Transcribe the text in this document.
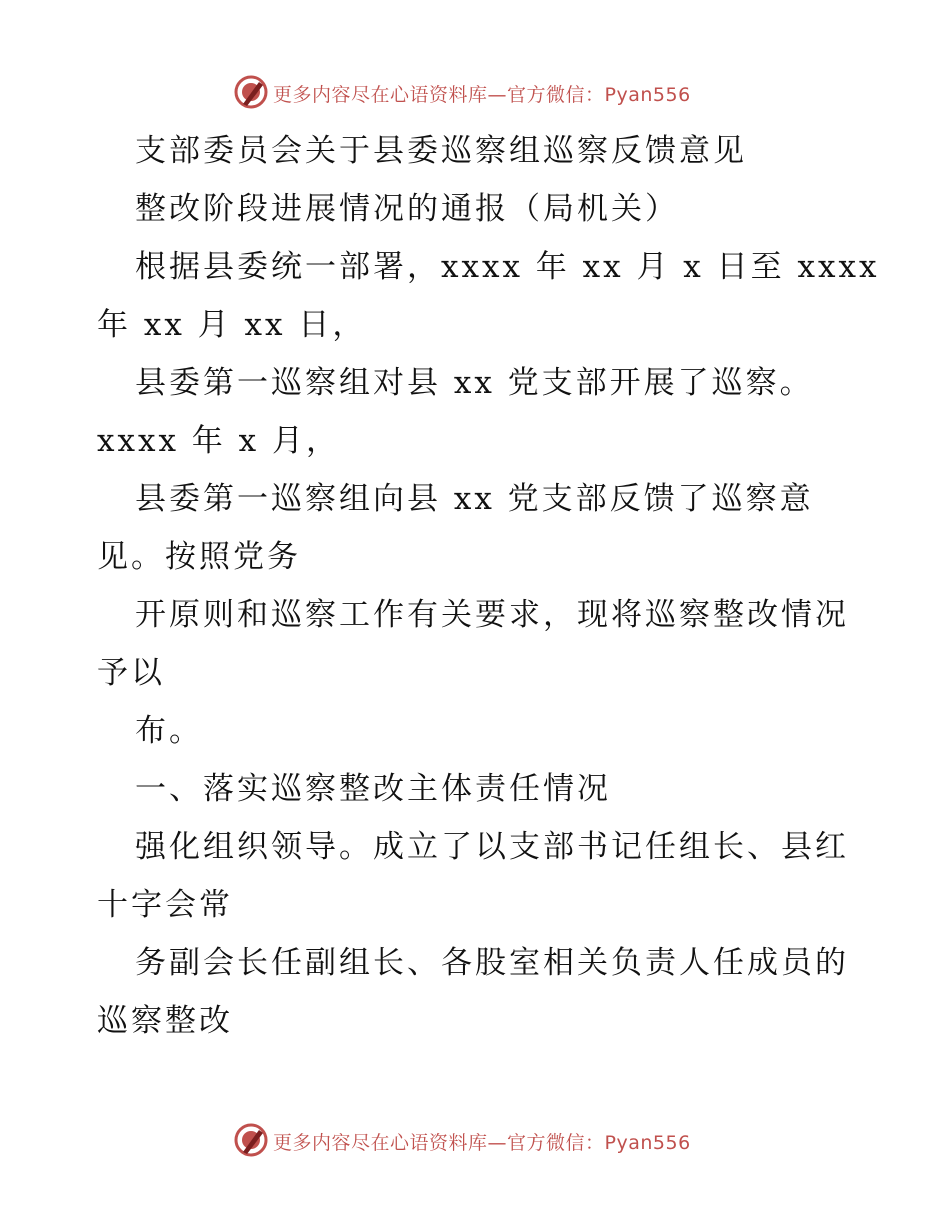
更多内容尽在心语资料库—官方微信：Pyan556
支部委员会关于县委巡察组巡察反馈意见
整改阶段进展情况的通报（局机关）
根据县委统一部署，xxxx 年 xx 月 x 日至 xxxx
年 xx 月 xx 日，
县委第一巡察组对县 xx 党支部开展了巡察。
xxxx 年 x 月，
县委第一巡察组向县 xx 党支部反馈了巡察意
见。按照党务
开原则和巡察工作有关要求，现将巡察整改情况
予以
布。
一、落实巡察整改主体责任情况
强化组织领导。成立了以支部书记任组长、县红
十字会常
务副会长任副组长、各股室相关负责人任成员的
巡察整改
更多内容尽在心语资料库—官方微信：Pyan556
